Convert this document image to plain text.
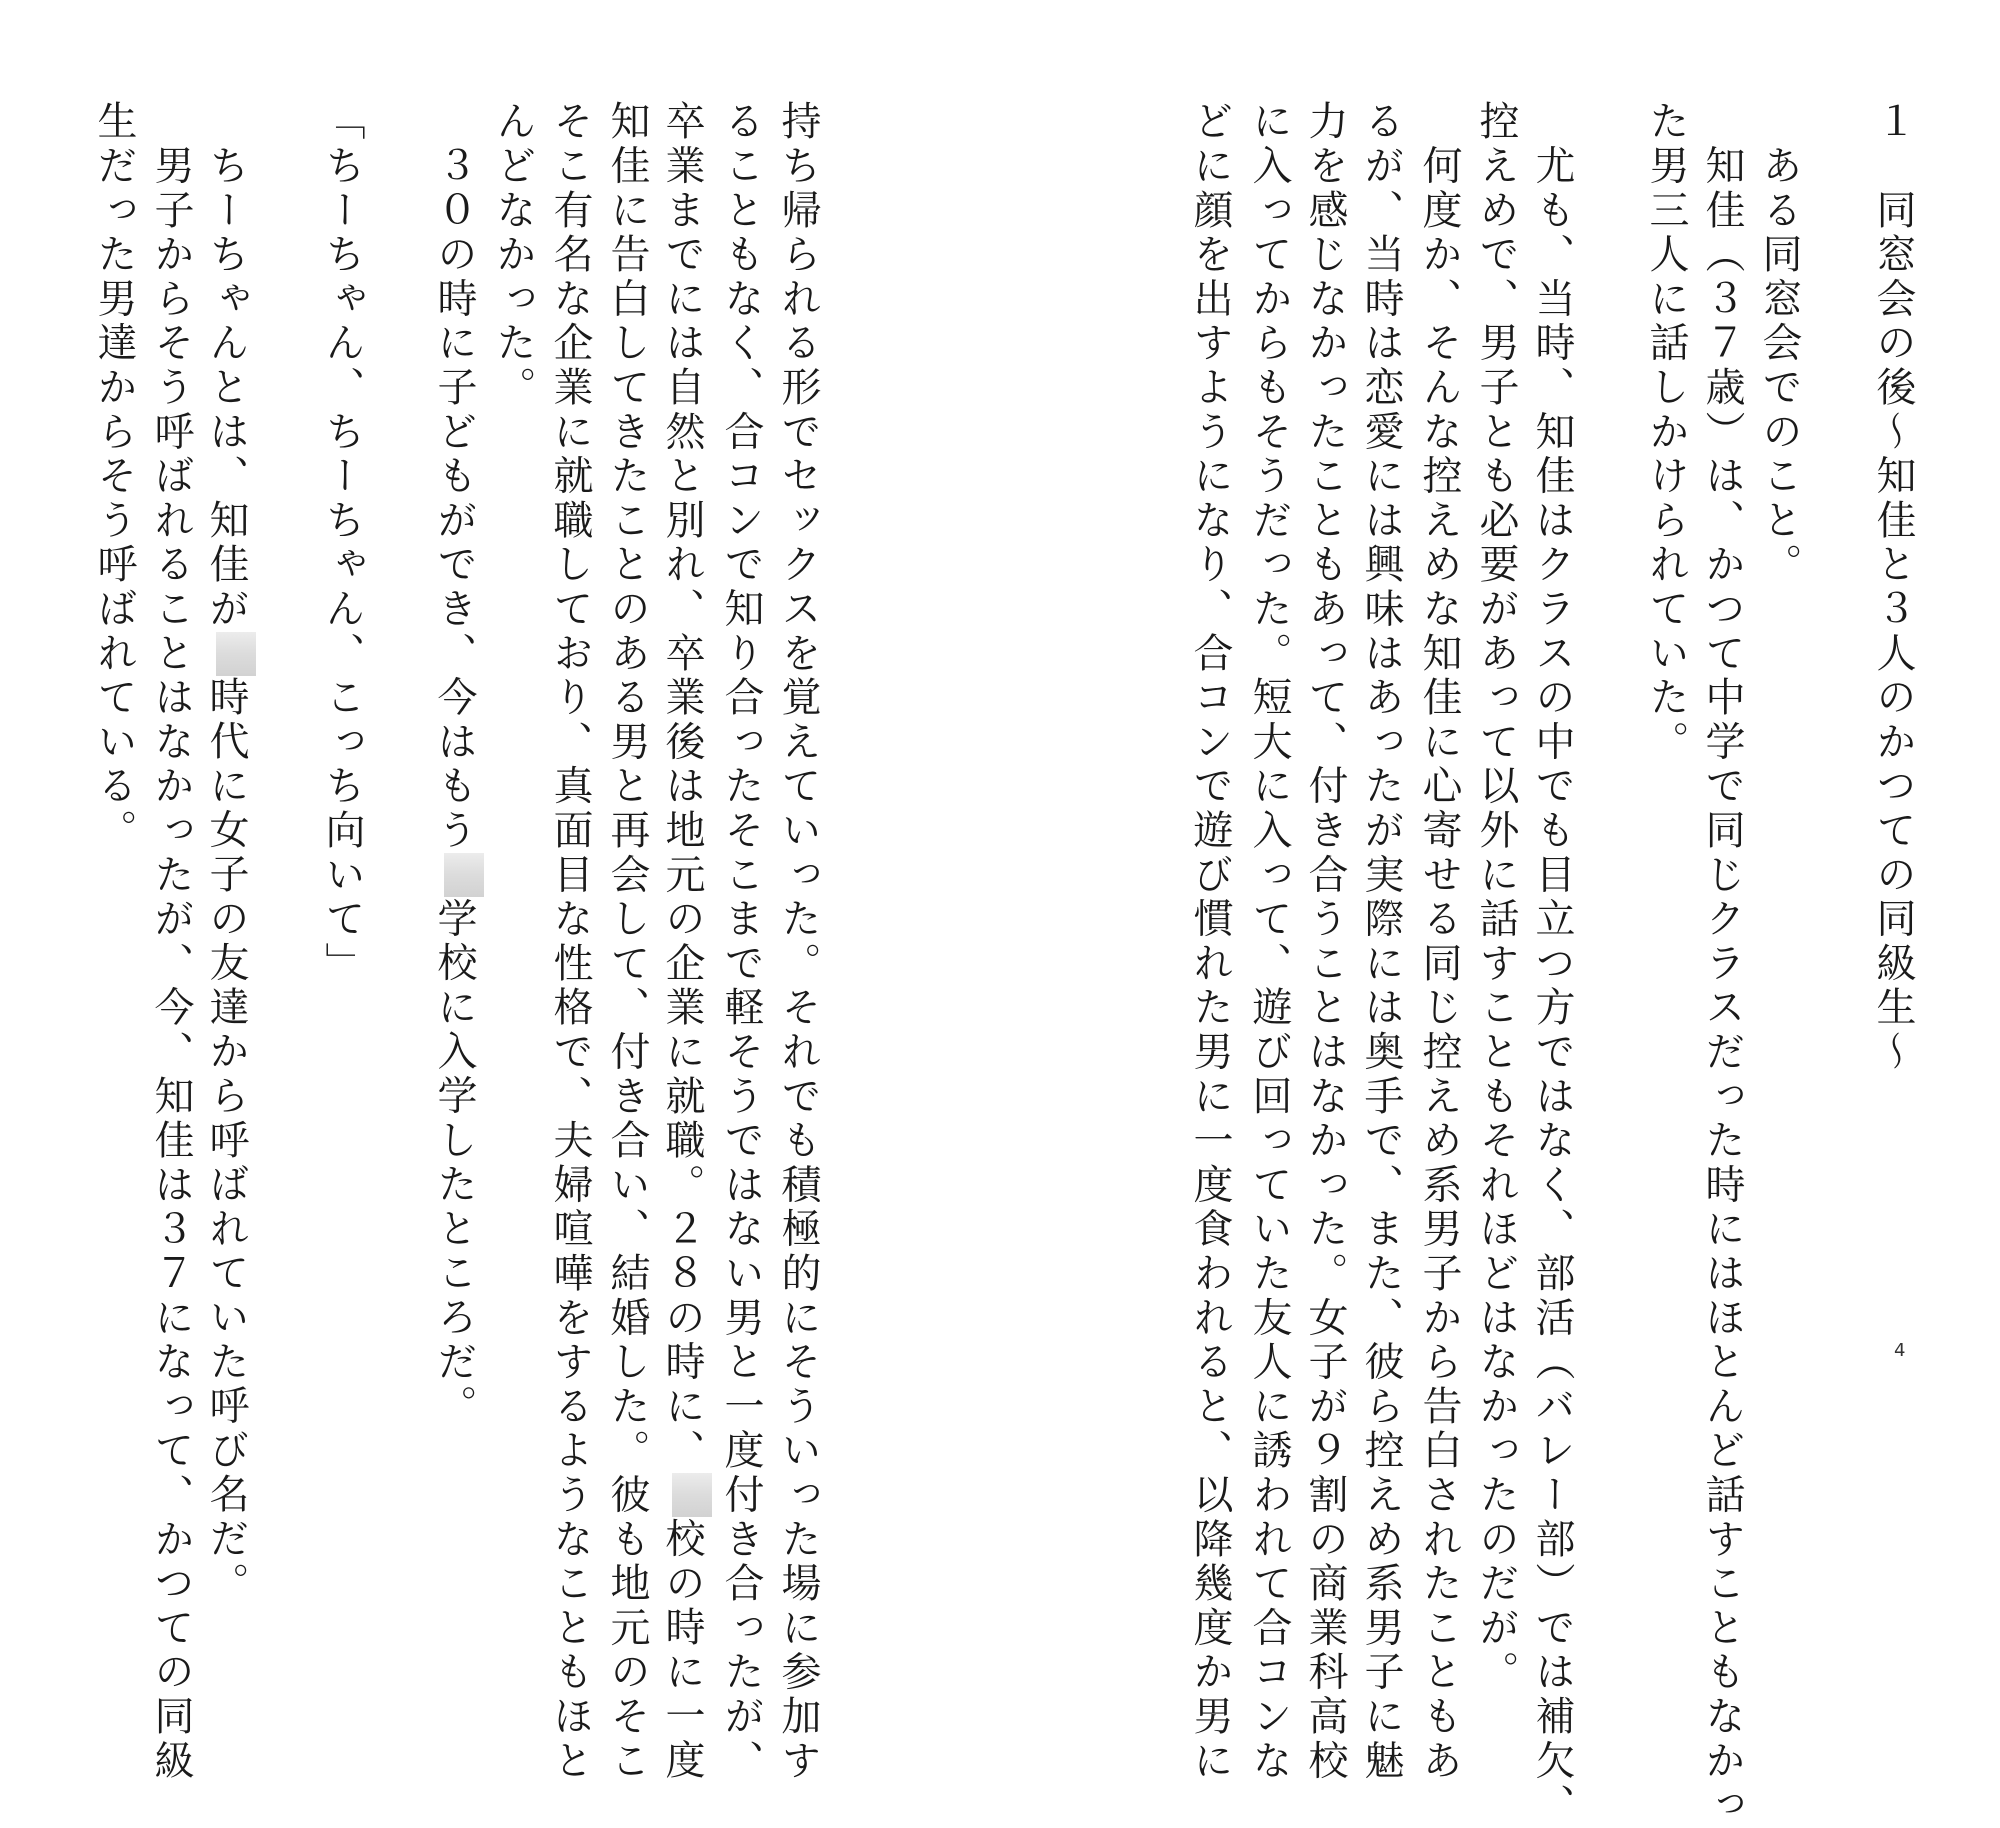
１　同窓会の後～知佳と３人のかつての同級生～
　ある同窓会でのこと。
　知佳（３７歳）は、かつて中学で同じクラスだった時にはほとんど話すこともなかっ
た男三人に話しかけられていた。
　尤も、当時、知佳はクラスの中でも目立つ方ではなく、部活（バレー部）では補欠、
控えめで、男子とも必要があって以外に話すこともそれほどはなかったのだが。
　何度か、そんな控えめな知佳に心寄せる同じ控えめ系男子から告白されたこともあ
るが、当時は恋愛には興味はあったが実際には奥手で、また、彼ら控えめ系男子に魅
力を感じなかったこともあって、付き合うことはなかった。女子が９割の商業科高校
に入ってからもそうだった。短大に入って、遊び回っていた友人に誘われて合コンな
どに顔を出すようになり、合コンで遊び慣れた男に一度食われると、以降幾度か男に
持ち帰られる形でセックスを覚えていった。それでも積極的にそういった場に参加す
ることもなく、合コンで知り合ったそこまで軽そうではない男と一度付き合ったが、
卒業までには自然と別れ、卒業後は地元の企業に就職。２８の時に、校の時に一度
知佳に告白してきたことのある男と再会して、付き合い、結婚した。彼も地元のそこ
そこ有名な企業に就職しており、真面目な性格で、夫婦喧嘩をするようなこともほと
んどなかった。
　３０の時に子どもができ、今はもう学校に入学したところだ。
「ちーちゃん、ちーちゃん、こっち向いて」
　ちーちゃんとは、知佳が時代に女子の友達から呼ばれていた呼び名だ。
　男子からそう呼ばれることはなかったが、今、知佳は３７になって、かつての同級
生だった男達からそう呼ばれている。
4
